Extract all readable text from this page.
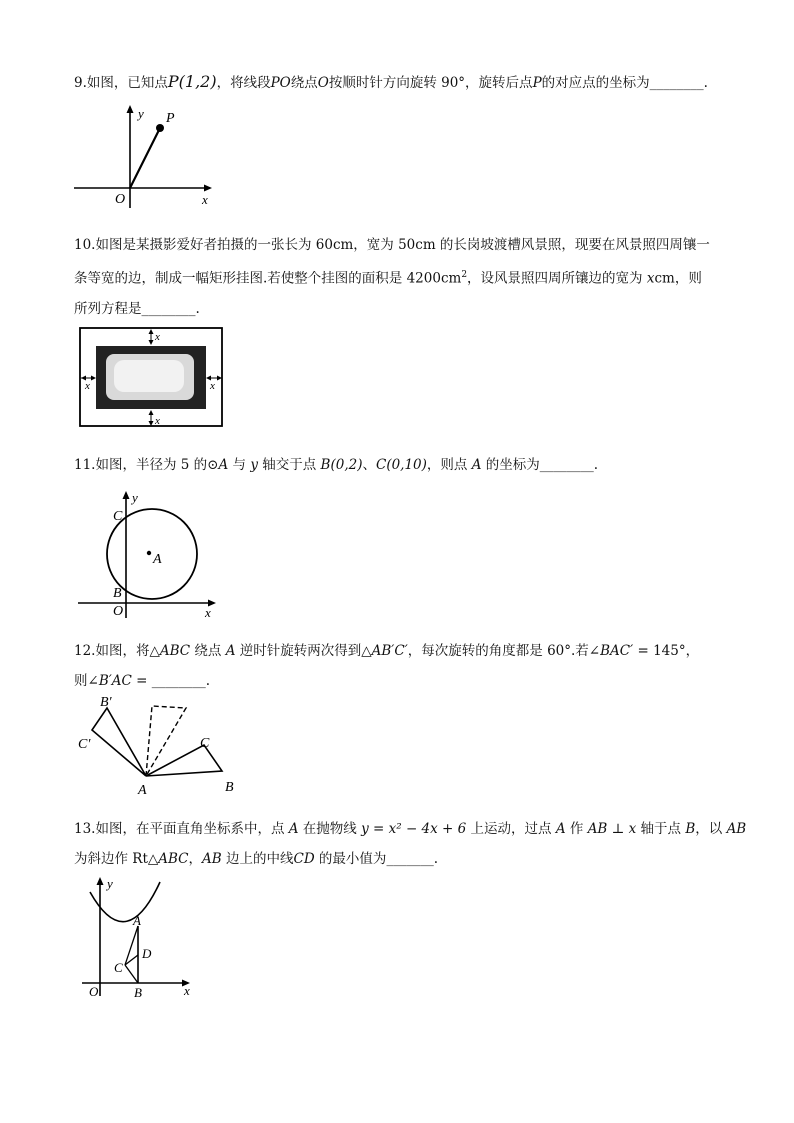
9.如图，已知点P(1,2)，将线段PO绕点O按顺时针方向旋转 90°，旋转后点P的对应点的坐标为________.
y P
O	x
10.如图是某摄影爱好者拍摄的一张长为 60cm，宽为 50cm 的长岗坡渡槽风景照，现要在风景照四周镶一
条等宽的边，制成一幅矩形挂图.若使整个挂图的面积是 $4200cm^2$，设风景照四周所镶边的宽为 xcm，则
所列方程是________.
x
x
x	x
11.如图，半径为 5 的⊙A 与 y 轴交于点 B(0,2)、C(0,10)，则点 A 的坐标为________.
y
C
A
B
O	x
12.如图，将△ABC 绕点 A 逆时针旋转两次得到△AB′C′，每次旋转的角度都是 60°.若∠BAC′ = 145°，
则∠B′AC = ________.
A	B
C
B′
C′
13.如图，在平面直角坐标系中，点 A 在抛物线 y = x² − 4x + 6 上运动，过点 A 作 AB ⊥ x 轴于点 B，以 AB
为斜边作 Rt△ABC，AB 边上的中线CD 的最小值为_______.
y
A
D
C
O	B	x
